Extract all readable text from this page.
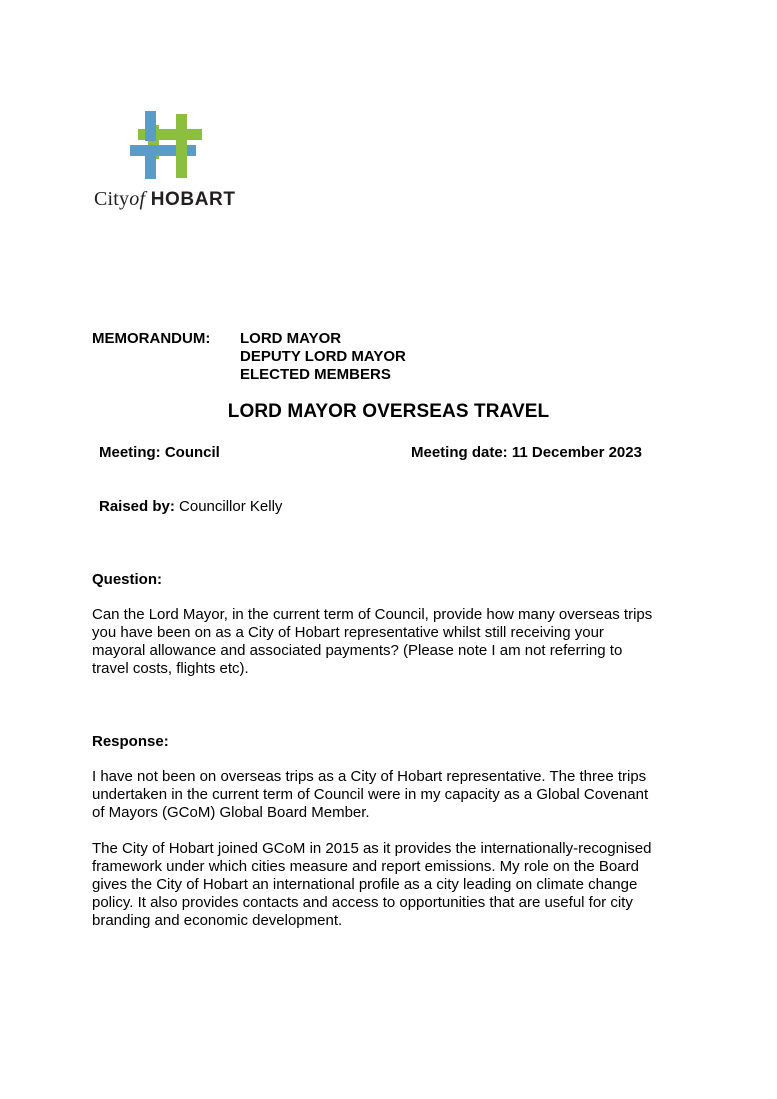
Cityof HOBART
MEMORANDUM: LORD MAYOR
DEPUTY LORD MAYOR
ELECTED MEMBERS
LORD MAYOR OVERSEAS TRAVEL
Meeting: Council	Meeting date: 11 December 2023
Raised by: Councillor Kelly
Question:
Can the Lord Mayor, in the current term of Council, provide how many overseas trips
you have been on as a City of Hobart representative whilst still receiving your
mayoral allowance and associated payments? (Please note I am not referring to
travel costs, flights etc).
Response:
I have not been on overseas trips as a City of Hobart representative. The three trips
undertaken in the current term of Council were in my capacity as a Global Covenant
of Mayors (GCoM) Global Board Member.
The City of Hobart joined GCoM in 2015 as it provides the internationally-recognised
framework under which cities measure and report emissions. My role on the Board
gives the City of Hobart an international profile as a city leading on climate change
policy. It also provides contacts and access to opportunities that are useful for city
branding and economic development.
